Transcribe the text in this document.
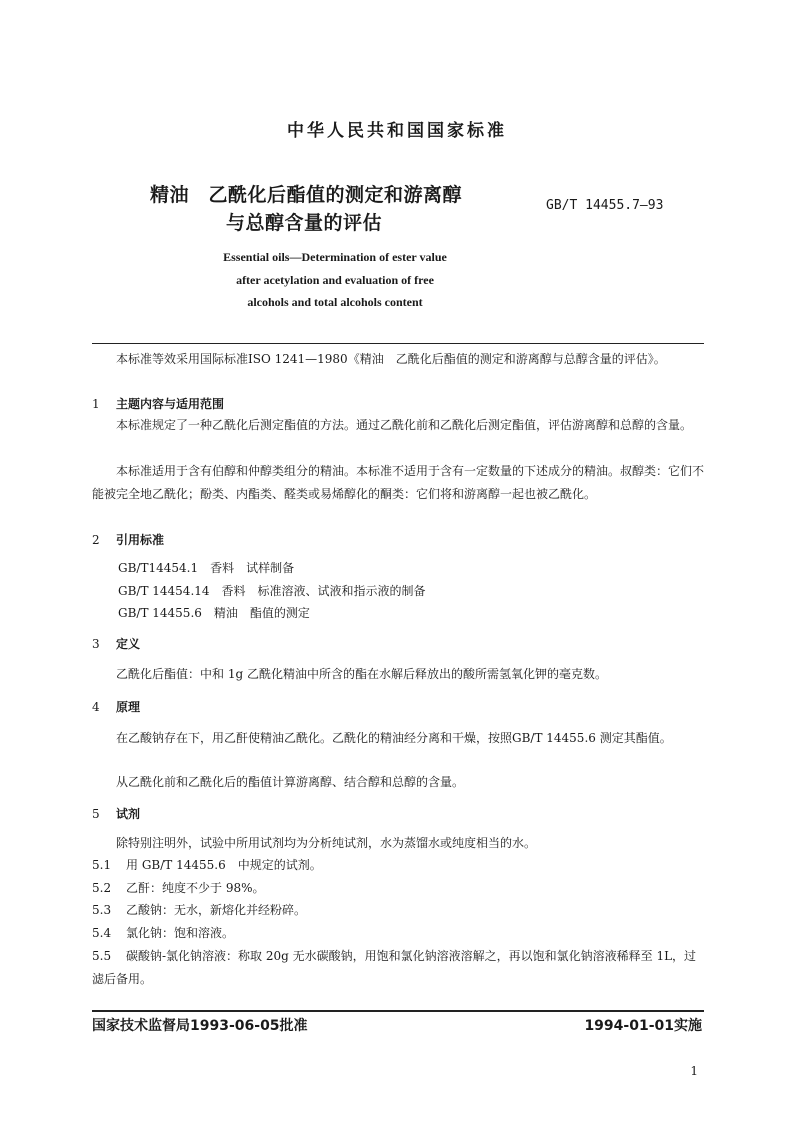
中华人民共和国国家标准
精油　乙酰化后酯值的测定和游离醇
与总醇含量的评估
GB/T 14455.7—93
Essential oils—Determination of ester value
after acetylation and evaluation of free
alcohols and total alcohols content
本标准等效采用国际标准ISO 1241—1980《精油　乙酰化后酯值的测定和游离醇与总醇含量的评估》。
1 主题内容与适用范围
本标准规定了一种乙酰化后测定酯值的方法。通过乙酰化前和乙酰化后测定酯值，评估游离醇和总醇的含量。
本标准适用于含有伯醇和仲醇类组分的精油。本标准不适用于含有一定数量的下述成分的精油。叔醇类：它们不能被完全地乙酰化；酚类、内酯类、醛类或易烯醇化的酮类：它们将和游离醇一起也被乙酰化。
2 引用标准
GB/T14454.1　香料　试样制备
GB/T 14454.14　香料　标准溶液、试液和指示液的制备
GB/T 14455.6　精油　酯值的测定
3 定义
乙酰化后酯值：中和 1g 乙酰化精油中所含的酯在水解后释放出的酸所需氢氧化钾的毫克数。
4 原理
在乙酸钠存在下，用乙酐使精油乙酰化。乙酰化的精油经分离和干燥，按照GB/T 14455.6 测定其酯值。
从乙酰化前和乙酰化后的酯值计算游离醇、结合醇和总醇的含量。
5 试剂
除特别注明外，试验中所用试剂均为分析纯试剂，水为蒸馏水或纯度相当的水。
5.1 用 GB/T 14455.6　中规定的试剂。
5.2 乙酐：纯度不少于 98%。
5.3 乙酸钠：无水，新熔化并经粉碎。
5.4 氯化钠：饱和溶液。
5.5 碳酸钠-氯化钠溶液：称取 20g 无水碳酸钠，用饱和氯化钠溶液溶解之，再以饱和氯化钠溶液稀释至 1L，过滤后备用。
国家技术监督局1993-06-05批准	1994-01-01实施
1
